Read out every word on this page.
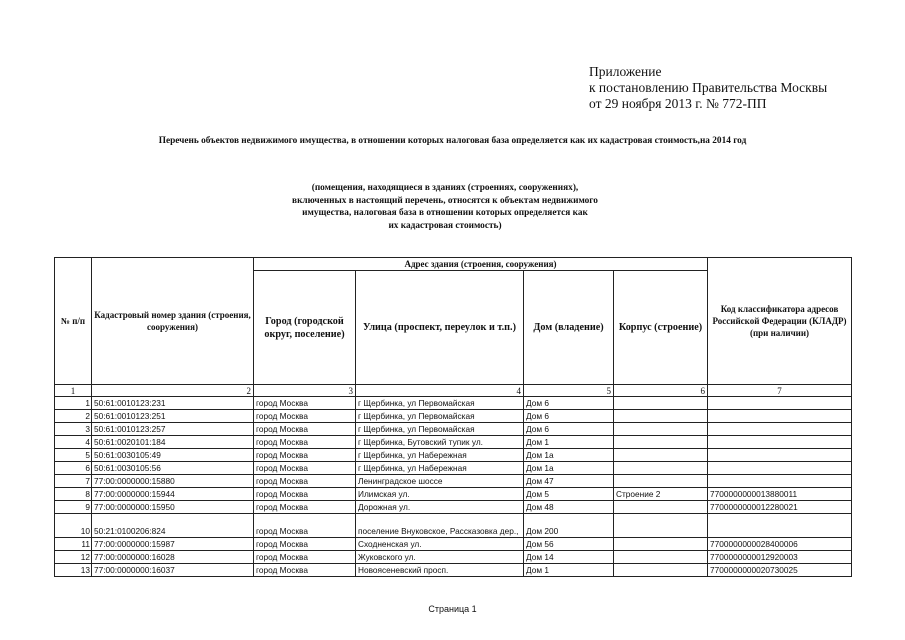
Приложение
к постановлению Правительства Москвы
от 29 ноября 2013 г. № 772-ПП
Перечень объектов недвижимого имущества, в отношении которых налоговая база определяется как их кадастровая стоимость,на 2014 год
(помещения, находящиеся в зданиях (строениях, сооружениях),
включенных в настоящий перечень, относятся к объектам недвижимого
имущества, налоговая база в отношении которых определяется как
их кадастровая стоимость)
№ п/п	Кадастровый номер здания (строения, сооружения)	Адрес здания (строения, сооружения)				Код классификатора адресов Российской Федерации (КЛАДР) (при наличии)
		Город (городской округ, поселение)	Улица (проспект, переулок и т.п.)	Дом (владение)	Корпус (строение)	
1	2	3	4	5	6	7
1	50:61:0010123:231	город Москва	г Щербинка, ул Первомайская	Дом 6		
2	50:61:0010123:251	город Москва	г Щербинка, ул Первомайская	Дом 6		
3	50:61:0010123:257	город Москва	г Щербинка, ул Первомайская	Дом 6		
4	50:61:0020101:184	город Москва	г Щербинка, Бутовский тупик ул.	Дом 1		
5	50:61:0030105:49	город Москва	г Щербинка, ул Набережная	Дом 1а		
6	50:61:0030105:56	город Москва	г Щербинка, ул Набережная	Дом 1а		
7	77:00:0000000:15880	город Москва	Ленинградское шоссе	Дом 47		
8	77:00:0000000:15944	город Москва	Илимская ул.	Дом 5	Строение 2	7700000000013880011
9	77:00:0000000:15950	город Москва	Дорожная ул.	Дом 48		7700000000012280021
10	50:21:0100206:824	город Москва	поселение Внуковское, Рассказовка дер.,	Дом 200		
11	77:00:0000000:15987	город Москва	Сходненская ул.	Дом 56		7700000000028400006
12	77:00:0000000:16028	город Москва	Жуковского ул.	Дом 14		7700000000012920003
13	77:00:0000000:16037	город Москва	Новоясеневский просп.	Дом 1		7700000000020730025
Страница 1
